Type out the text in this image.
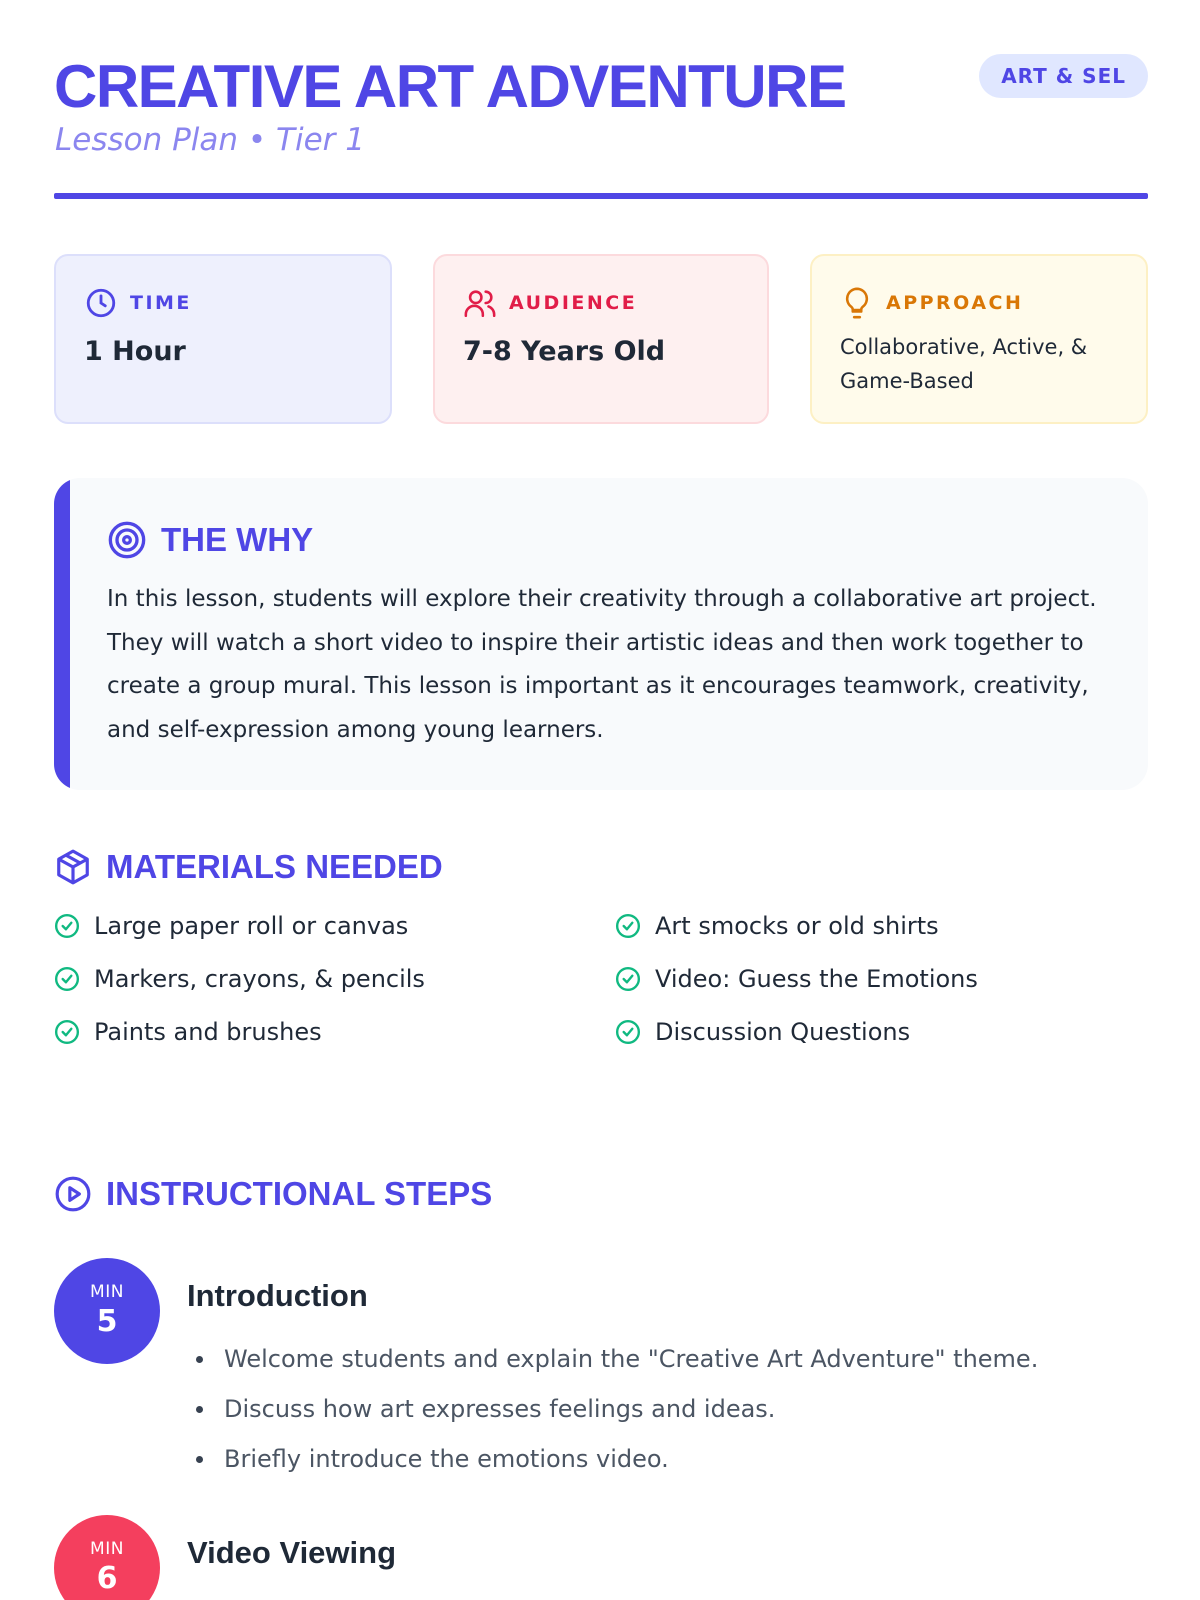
CREATIVE ART ADVENTURE
Lesson Plan • Tier 1
ART & SEL
TIME
1 Hour
AUDIENCE
7-8 Years Old
APPROACH
Collaborative, Active, & Game-Based
THE WHY

In this lesson, students will explore their creativity through a collaborative art project. They will watch a short video to inspire their artistic ideas and then work together to create a group mural. This lesson is important as it encourages teamwork, creativity, and self-expression among young learners.

MATERIALS NEEDED
Large paper roll or canvas
Markers, crayons, & pencils
Paints and brushes
Art smocks or old shirts
Video: Guess the Emotions
Discussion Questions
INSTRUCTIONAL STEPS
MIN
5
Introduction
Welcome students and explain the "Creative Art Adventure" theme.
Discuss how art expresses feelings and ideas.
Briefly introduce the emotions video.
MIN
6
Video Viewing
